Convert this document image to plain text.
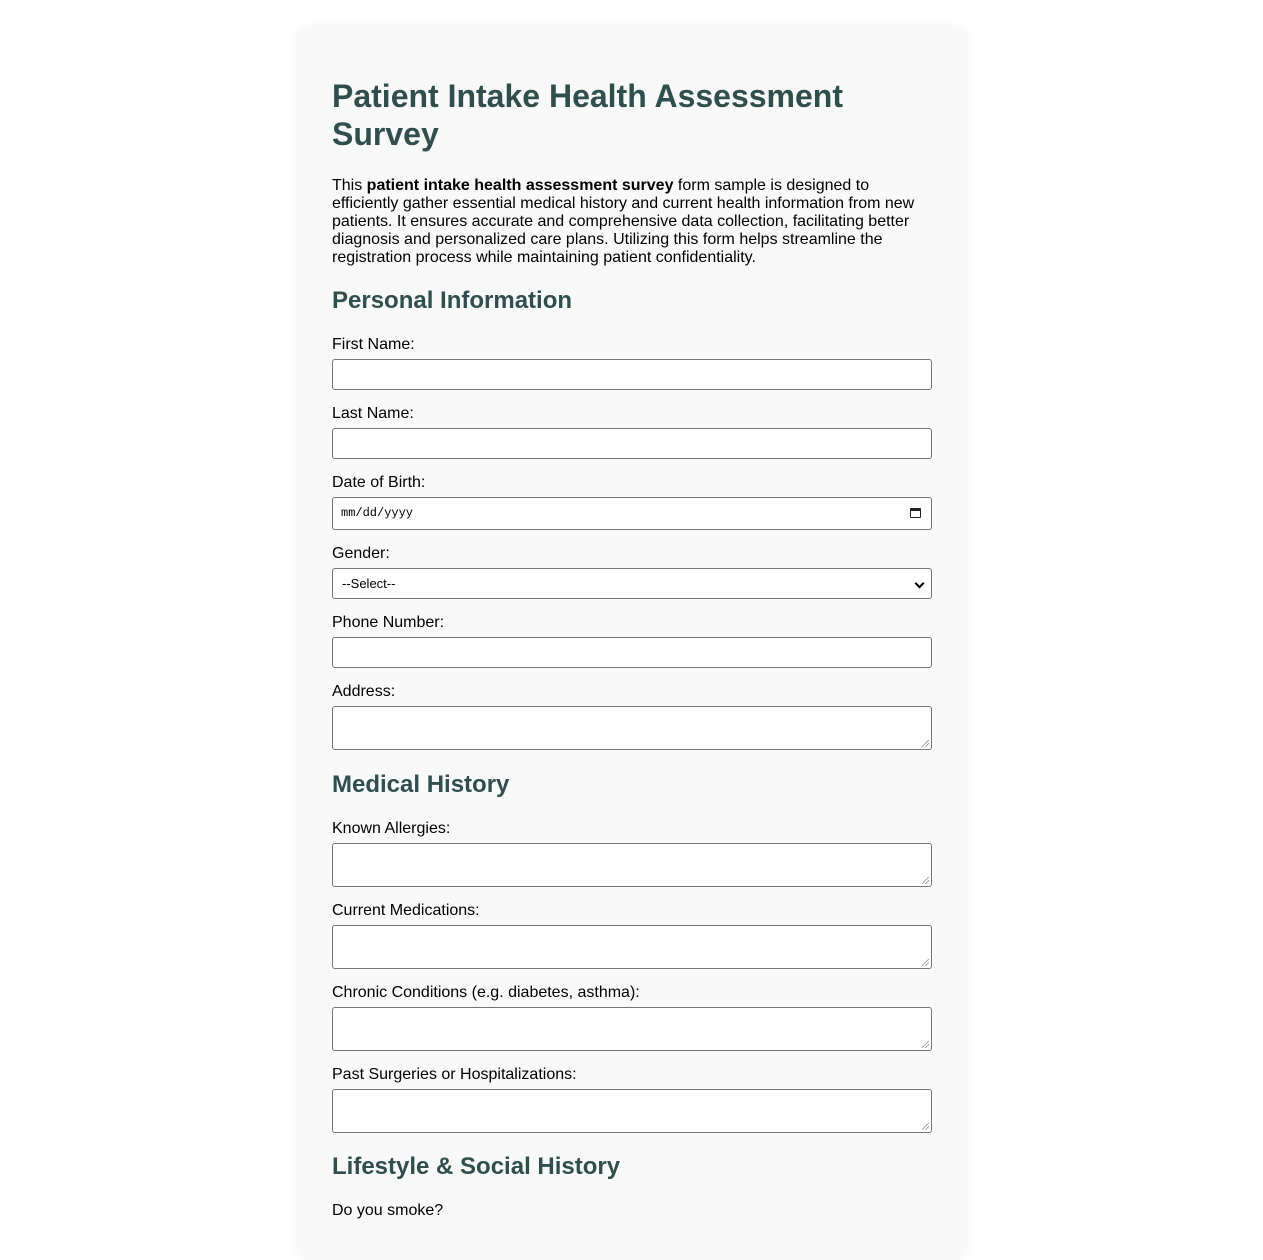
Patient Intake Health Assessment Survey

This patient intake health assessment survey form sample is designed to efficiently gather essential medical history and current health information from new patients. It ensures accurate and comprehensive data collection, facilitating better diagnosis and personalized care plans. Utilizing this form helps streamline the registration process while maintaining patient confidentiality.

Personal Information
First Name:
Last Name:
Date of Birth:
mm/dd/yyyy
Gender:
--Select--
Phone Number:
Address:
Medical History
Known Allergies:
Current Medications:
Chronic Conditions (e.g. diabetes, asthma):
Past Surgeries or Hospitalizations:
Lifestyle & Social History
Do you smoke?
